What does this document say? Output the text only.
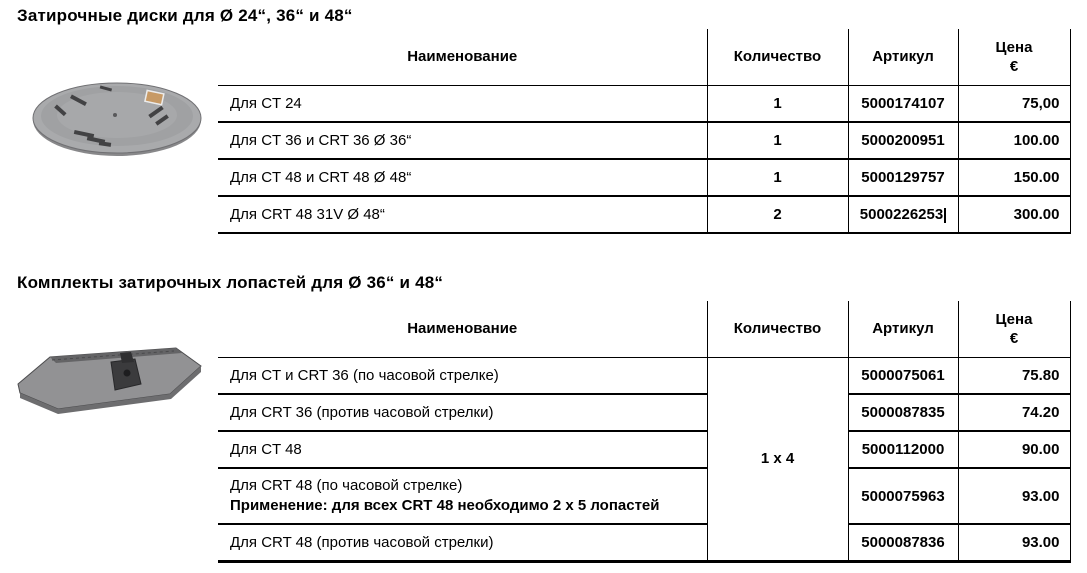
Затирочные диски для Ø 24“, 36“ и 48“
Наименование	Количество	Артикул	Цена
€
Для CT 24	1	5000174107	75,00
Для CT 36 и CRT 36 Ø 36“	1	5000200951	100.00
Для CT 48 и CRT 48 Ø 48“	1	5000129757	150.00
Для CRT 48 31V Ø 48“	2	5000226253	300.00
Комплекты затирочных лопастей для Ø 36“ и 48“
Наименование	Количество	Артикул	Цена
€
Для CT и CRT 36 (по часовой стрелке)	1 x 4	5000075061	75.80
Для CRT 36 (против часовой стрелки)		5000087835	74.20
Для CT 48		5000112000	90.00

Для CRT 48 (по часовой стрелке)
Применение: для всех CRT 48 необходимо 2 x 5 лопастей		5000075963	93.00
Для CRT 48 (против часовой стрелки)		5000087836	93.00
